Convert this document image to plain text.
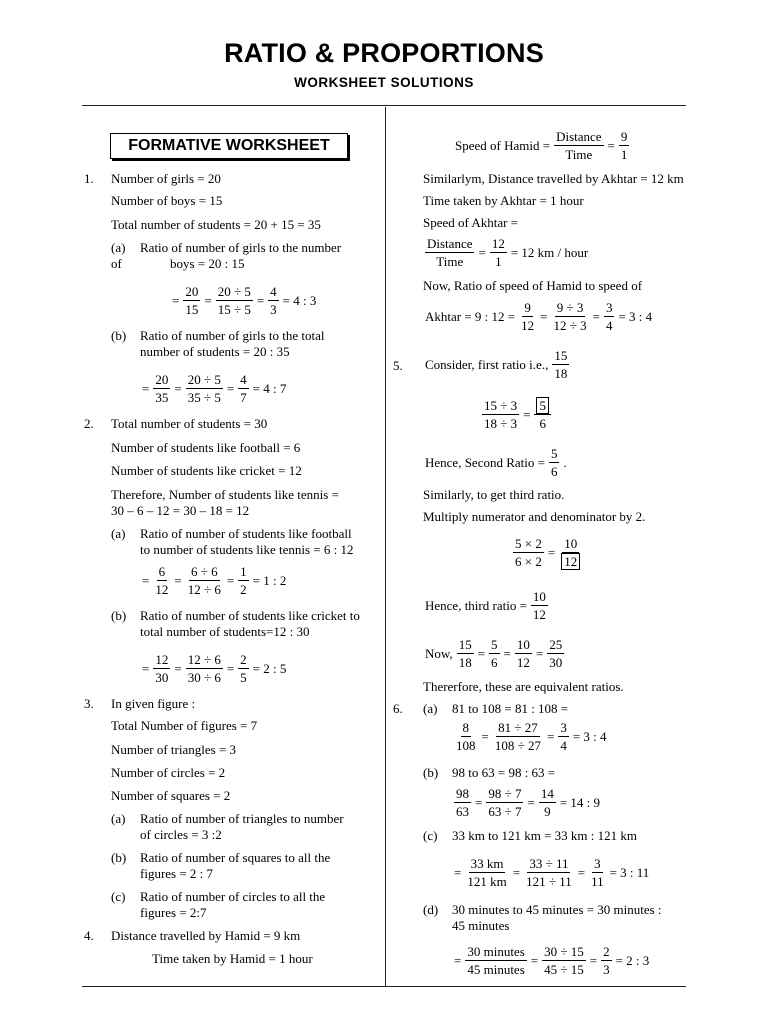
RATIO & PROPORTIONS
WORKSHEET SOLUTIONS
FORMATIVE WORKSHEET
1. Number of girls = 20
Number of boys = 15
Total number of students = 20 + 15 = 35
(a) Ratio of number of girls to the number
of	boys = 20 : 15
= $\frac{20}{15} = \frac{20 \div 5}{15 \div 5} = \frac{4}{3} = 4$ : 3
(b) Ratio of number of girls to the total
number of students = 20 : 35
= $\frac{20}{35} = \frac{20 \div 5}{35 \div 5} = \frac{4}{7} = 4$ : 7
2. Total number of students = 30
Number of students like football = 6
Number of students like cricket = 12
Therefore, Number of students like tennis =
30 – 6 – 12 = 30 – 18 = 12
(a) Ratio of number of students like football
to number of students like tennis = 6 : 12
= $\frac{6}{12} = \frac{6 \div 6}{12 \div 6} = \frac{1}{2} = 1$ : 2
(b) Ratio of number of students like cricket to
total number of students=12 : 30
= $\frac{12}{30} = \frac{12 \div 6}{30 \div 6} = \frac{2}{5} = 2$ : 5
3. In given figure :
Total Number of figures = 7
Number of triangles = 3
Number of circles = 2
Number of squares = 2
(a) Ratio of number of triangles to number
of circles = 3 :2
(b) Ratio of number of squares to all the
figures = 2 : 7
(c) Ratio of number of circles to all the
figures = 2:7
4. Distance travelled by Hamid = 9 km
Time taken by Hamid = 1 hour
Speed of Hamid = $\frac{\text{Distance}}{\text{Time}} = \frac{9}{1}$
Similarlym, Distance travelled by Akhtar = 12 km
Time taken by Akhtar = 1 hour
Speed of Akhtar =
$\frac{\text{Distance}}{\text{Time}} = \frac{12}{1} = 12$ km / hour
Now, Ratio of speed of Hamid to speed of
Akhtar = 9 : $12 = \frac{9}{12} = \frac{9 \div 3}{12 \div 3} = \frac{3}{4} = 3$ : 4
5. Consider, first ratio i.e., $\frac{15}{18}$
$\frac{15 \div 3}{18 \div 3} = \frac{5}{6}$
Hence, Second Ratio = $\frac{5}{6}$ .
Similarly, to get third ratio.
Multiply numerator and denominator by 2.
$\frac{5 \times 2}{6 \times 2} = \frac{10}{12}$
Hence, third ratio = $\frac{10}{12}$
Now, $\frac{15}{18} = \frac{5}{6} = \frac{10}{12} = \frac{25}{30}$
Thererfore, these are equivalent ratios.
6. (a) 81 to 108 = 81 : 108 =
$\frac{8}{108} = \frac{81 \div 27}{108 \div 27} = \frac{3}{4} = 3$ : 4
(b) 98 to 63 = 98 : 63 =
$\frac{98}{63} = \frac{98 \div 7}{63 \div 7} = \frac{14}{9} = 14$ : 9
(c) 33 km to 121 km = 33 km : 121 km
= $\frac{33 km}{121 km} = \frac{33 \div 11}{121 \div 11} = \frac{3}{11} = 3$ : 11
(d) 30 minutes to 45 minutes = 30 minutes :
45 minutes
= $\frac{\text{30 minutes}}{\text{45 minutes}} = \frac{30 \div 15}{45 \div 15} = \frac{2}{3} = 2$ : 3
